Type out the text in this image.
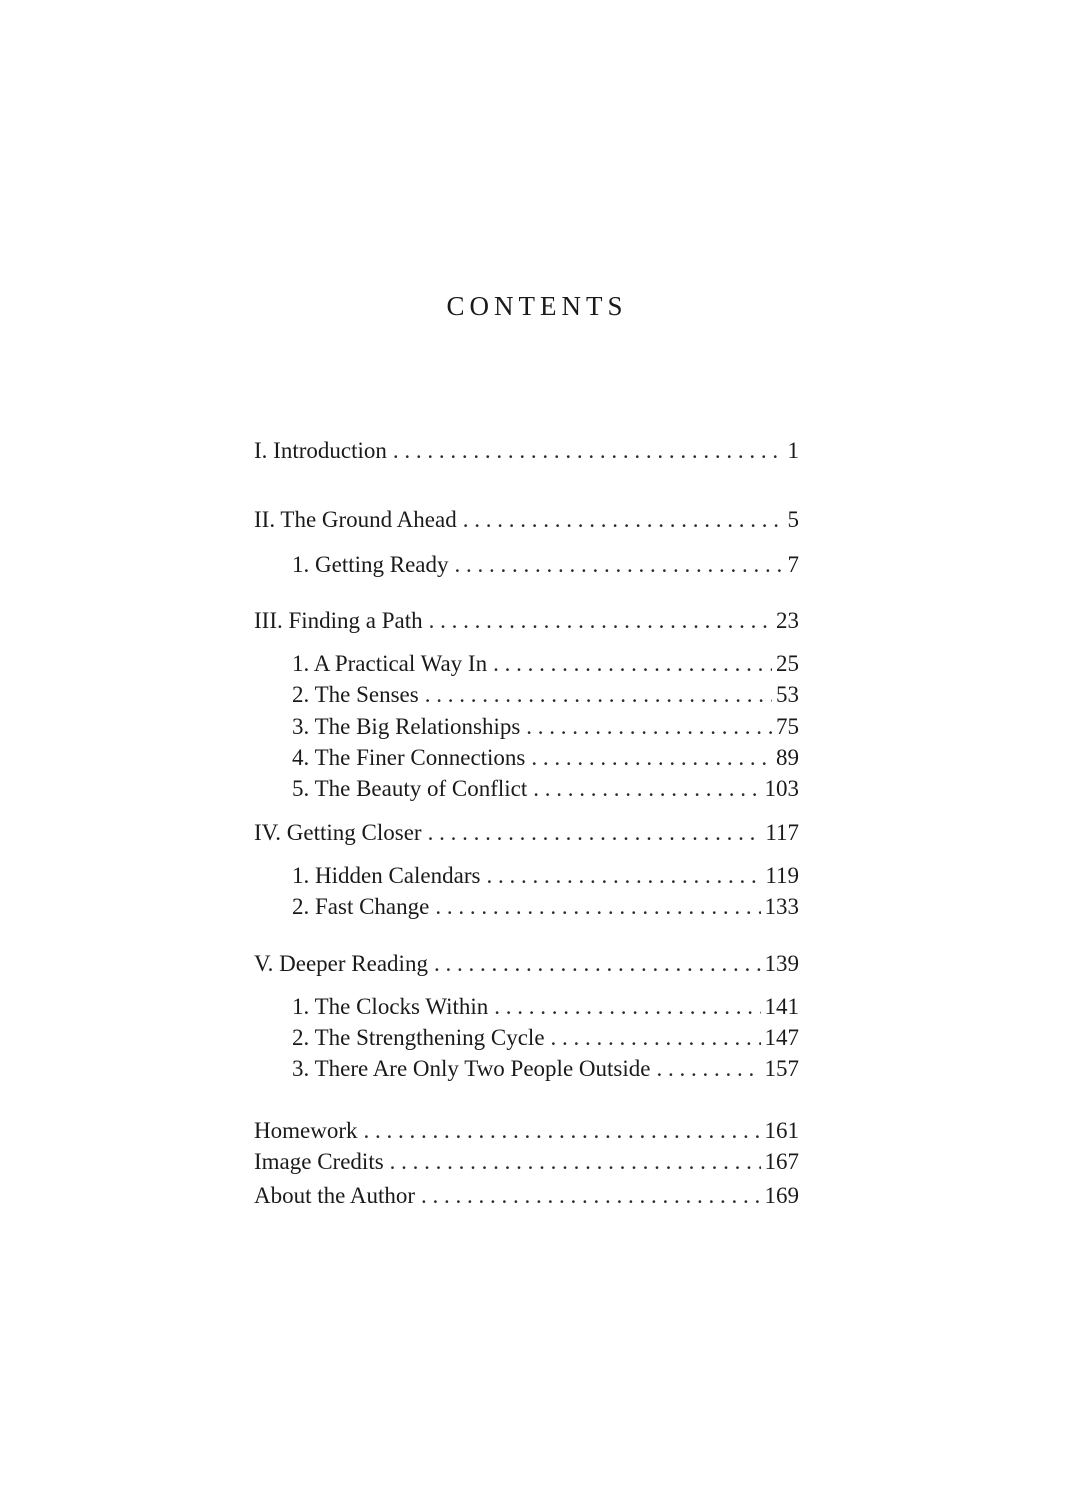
CONTENTS
I. Introduction . . .	1
II. The Ground Ahead . . .	5
1. Getting Ready . . .	7
III. Finding a Path . . .	23
1. A Practical Way In . . .	25
2. The Senses . . .	53
3. The Big Relationships . . .	75
4. The Finer Connections . . .	89
5. The Beauty of Conflict . . .	103
IV. Getting Closer . . .	117
1. Hidden Calendars . . .	119
2. Fast Change . . .	133
V. Deeper Reading . . .	139
1. The Clocks Within . . .	141
2. The Strengthening Cycle . . .	147
3. There Are Only Two People Outside . . .	157
Homework . . .	161
Image Credits . . .	167
About the Author . . .	169
